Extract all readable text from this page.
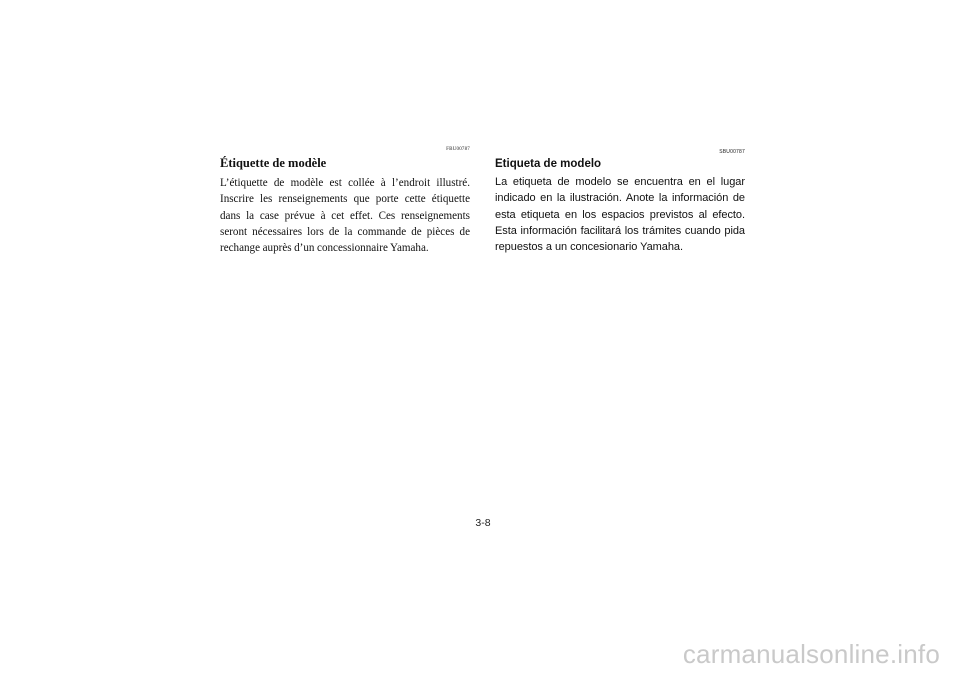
FBU00787
Étiquette de modèle

L’étiquette de modèle est collée à l’endroit illustré. Inscrire les renseignements que porte cette étiquette dans la case prévue à cet effet. Ces renseignements seront nécessaires lors de la commande de pièces de rechange auprès d’un concessionnaire Yamaha.

SBU00787
Etiqueta de modelo

La etiqueta de modelo se encuentra en el lugar indicado en la ilustración. Anote la información de esta etiqueta en los espacios previstos al efecto. Esta información facilitará los trámites cuando pida repuestos a un concesionario Yamaha.

3-8
carmanualsonline.info
